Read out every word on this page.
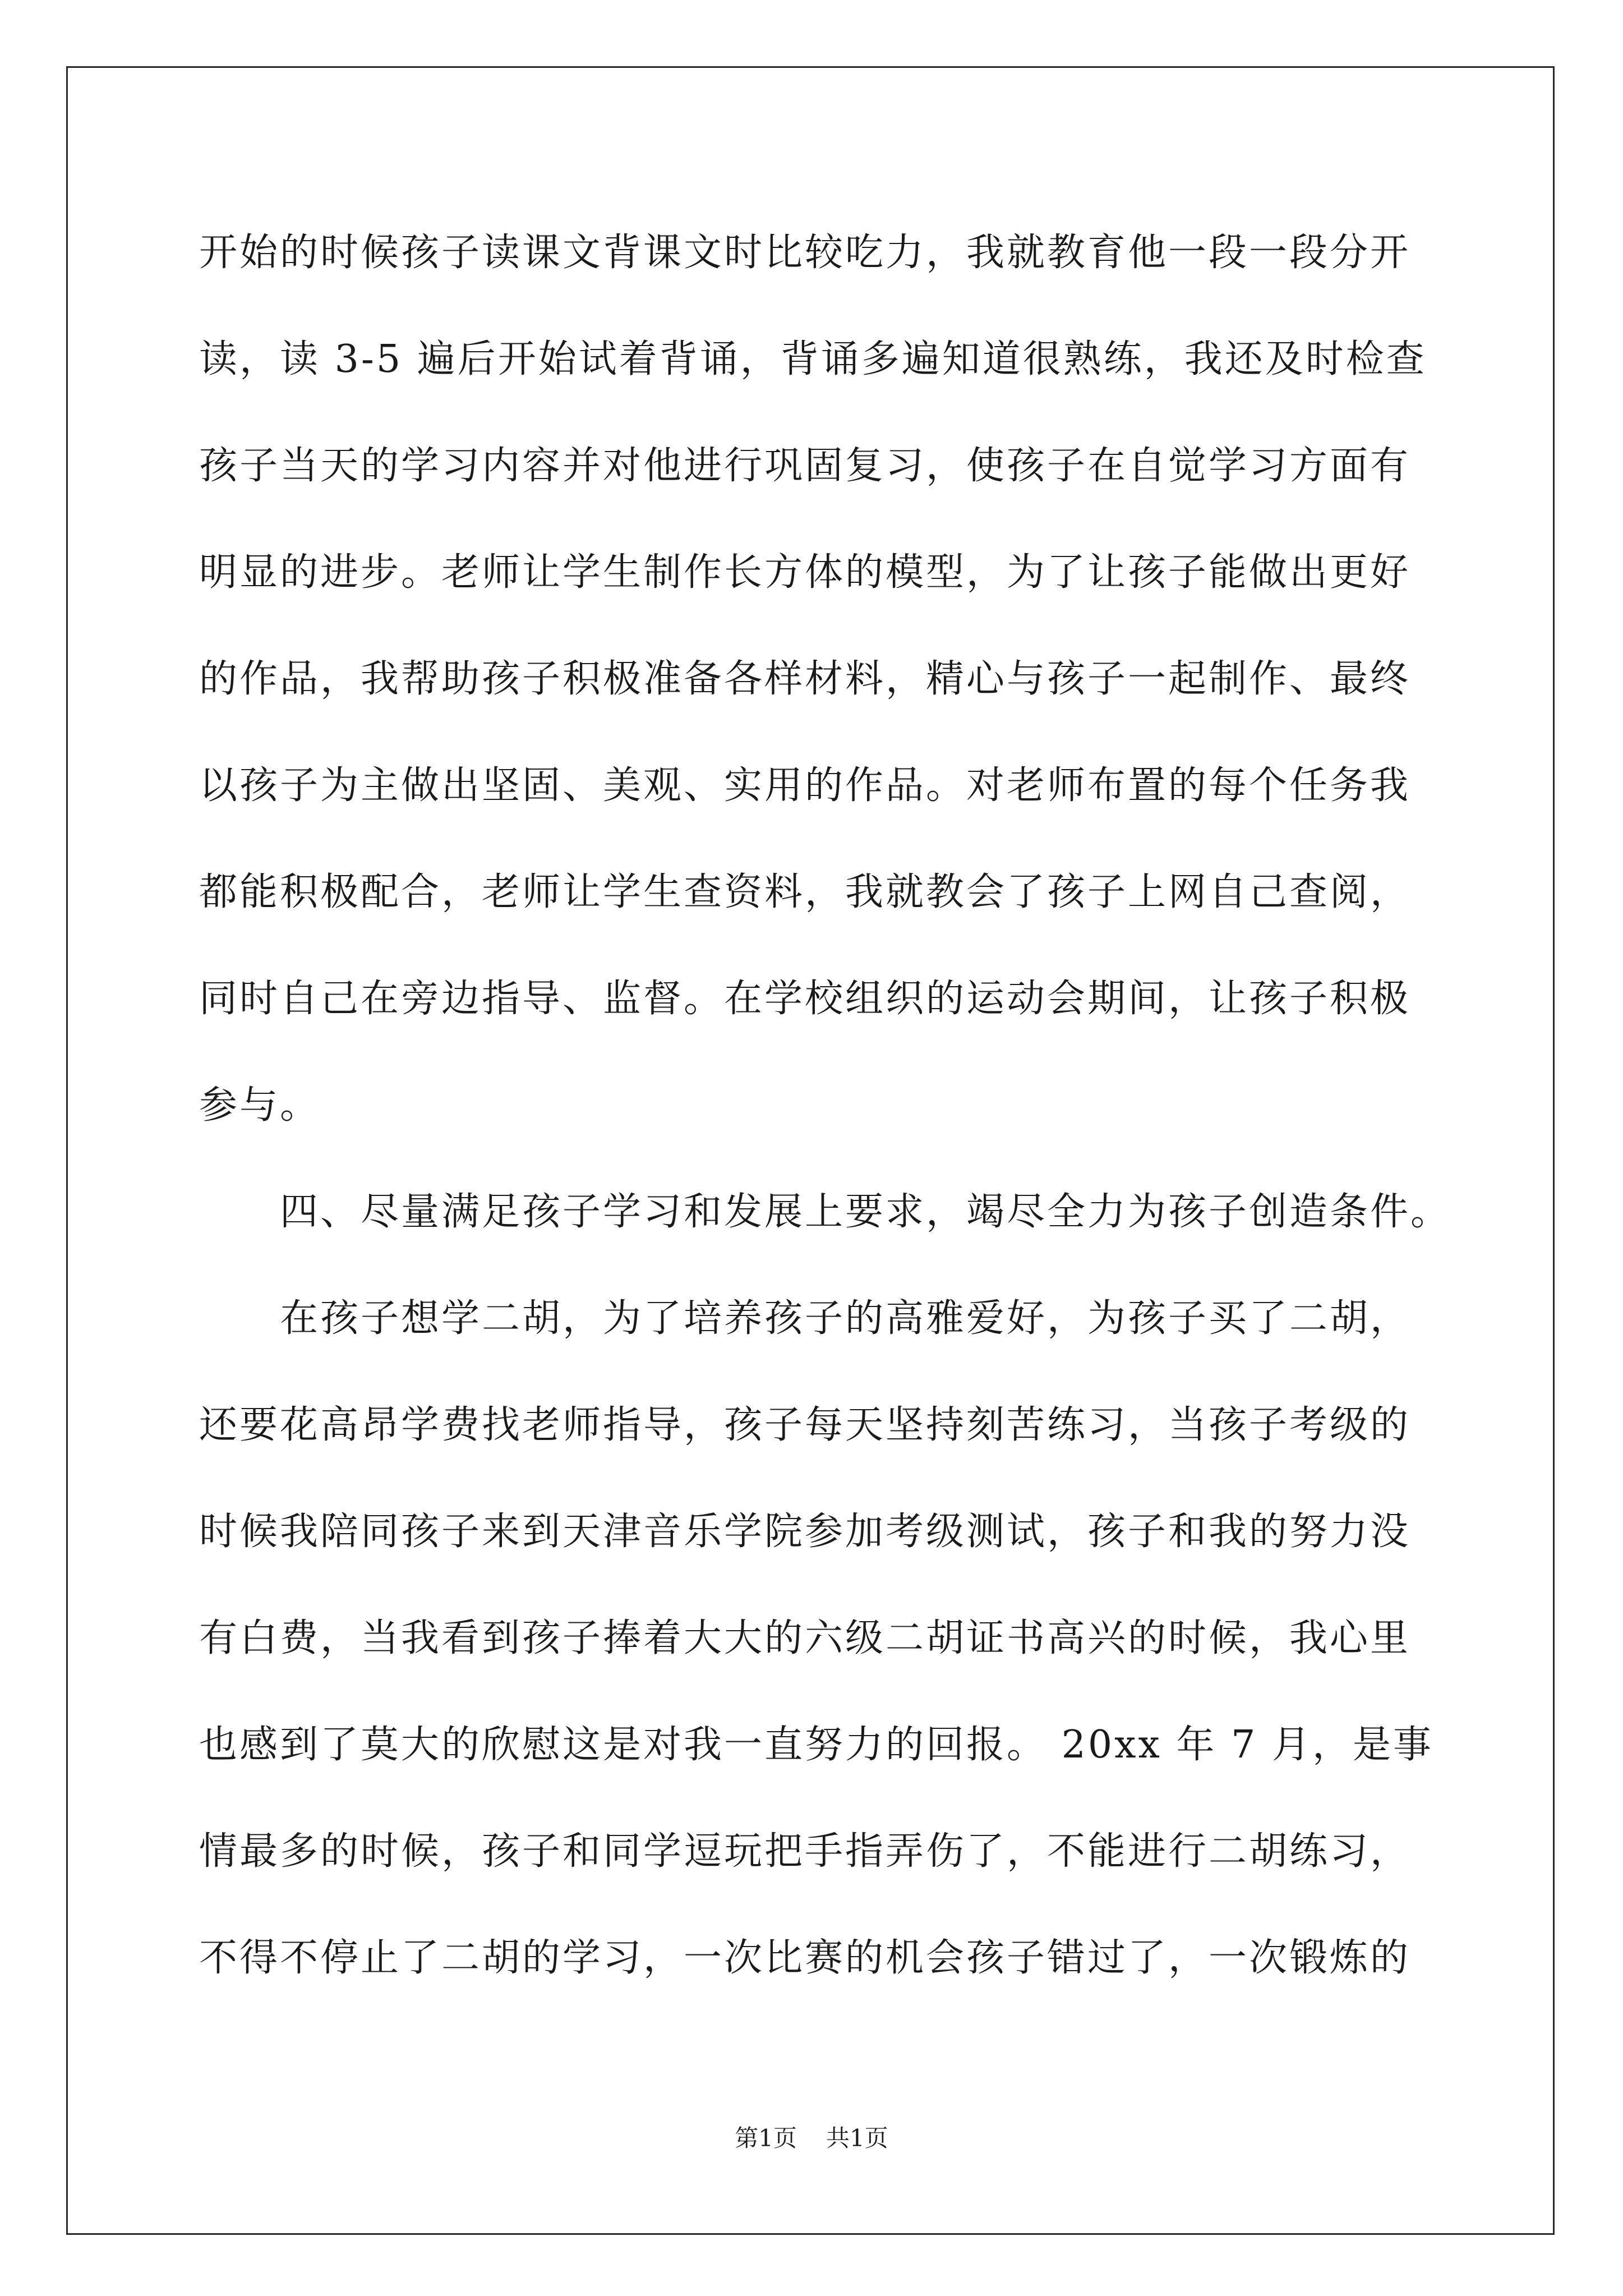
开始的时候孩子读课文背课文时比较吃力，我就教育他一段一段分开
读，读 3-5 遍后开始试着背诵，背诵多遍知道很熟练，我还及时检查
孩子当天的学习内容并对他进行巩固复习，使孩子在自觉学习方面有
明显的进步。老师让学生制作长方体的模型，为了让孩子能做出更好
的作品，我帮助孩子积极准备各样材料，精心与孩子一起制作、最终
以孩子为主做出坚固、美观、实用的作品。对老师布置的每个任务我
都能积极配合，老师让学生查资料，我就教会了孩子上网自己查阅，
同时自己在旁边指导、监督。在学校组织的运动会期间，让孩子积极
参与。
　　四、尽量满足孩子学习和发展上要求，竭尽全力为孩子创造条件。
　　在孩子想学二胡，为了培养孩子的高雅爱好，为孩子买了二胡，
还要花高昂学费找老师指导，孩子每天坚持刻苦练习，当孩子考级的
时候我陪同孩子来到天津音乐学院参加考级测试，孩子和我的努力没
有白费，当我看到孩子捧着大大的六级二胡证书高兴的时候，我心里
也感到了莫大的欣慰这是对我一直努力的回报。 20xx 年 7 月，是事
情最多的时候，孩子和同学逗玩把手指弄伤了，不能进行二胡练习，
不得不停止了二胡的学习，一次比赛的机会孩子错过了，一次锻炼的
第1页 共1页
